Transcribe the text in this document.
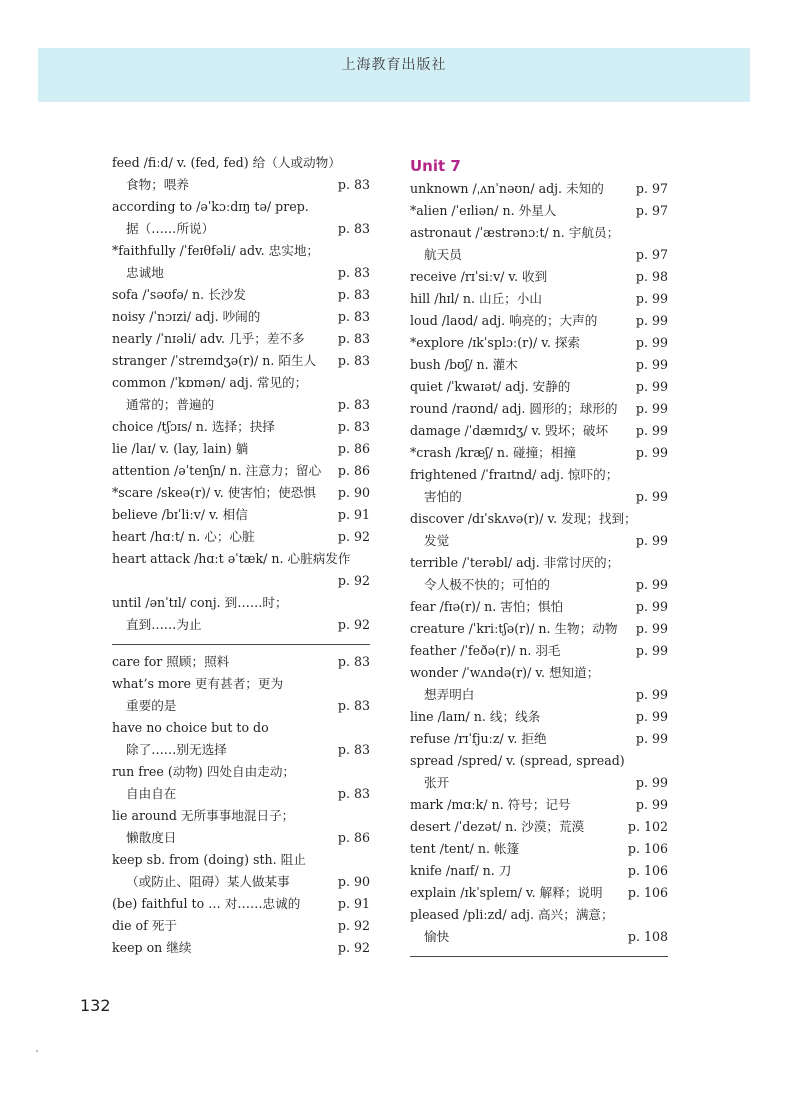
上海教育出版社
feed /fiːd/ v. (fed, fed) 给（人或动物）
食物；喂养	p. 83
according to /əˈkɔːdɪŋ tə/ prep.
据（……所说）	p. 83
*faithfully /ˈfeɪθfəli/ adv. 忠实地；
忠诚地	p. 83
sofa /ˈsəʊfə/ n. 长沙发	p. 83
noisy /ˈnɔɪzi/ adj. 吵闹的	p. 83
nearly /ˈnɪəli/ adv. 几乎；差不多	p. 83
stranger /ˈstreɪndʒə(r)/ n. 陌生人 p. 83
common /ˈkɒmən/ adj. 常见的；
通常的；普遍的	p. 83
choice /tʃɔɪs/ n. 选择；抉择	p. 83
lie /laɪ/ v. (lay, lain) 躺	p. 86
attention /əˈtenʃn/ n. 注意力；留心 p. 86
*scare /skeə(r)/ v. 使害怕；使恐惧 p. 90
believe /bɪˈliːv/ v. 相信	p. 91
heart /hɑːt/ n. 心；心脏	p. 92
heart attack /hɑːt əˈtæk/ n. 心脏病发作
p. 92
until /ənˈtɪl/ conj. 到……时；
直到……为止	p. 92
care for 照顾；照料	p. 83
what’s more 更有甚者；更为
重要的是	p. 83
have no choice but to do
除了……别无选择	p. 83
run free (动物) 四处自由走动；
自由自在	p. 83
lie around 无所事事地混日子；
懒散度日	p. 86
keep sb. from (doing) sth. 阻止
（或防止、阻碍）某人做某事	p. 90
(be) faithful to … 对……忠诚的	p. 91
die of 死于	p. 92
keep on 继续	p. 92
Unit 7
unknown /ˌʌnˈnəʊn/ adj. 未知的	p. 97
*alien /ˈeɪliən/ n. 外星人	p. 97
astronaut /ˈæstrənɔːt/ n. 宇航员；
航天员	p. 97
receive /rɪˈsiːv/ v. 收到	p. 98
hill /hɪl/ n. 山丘；小山	p. 99
loud /laʊd/ adj. 响亮的；大声的	p. 99
*explore /ɪkˈsplɔː(r)/ v. 探索	p. 99
bush /bʊʃ/ n. 灌木	p. 99
quiet /ˈkwaɪət/ adj. 安静的	p. 99
round /raʊnd/ adj. 圆形的；球形的 p. 99
damage /ˈdæmɪdʒ/ v. 毁坏；破坏 p. 99
*crash /kræʃ/ n. 碰撞；相撞	p. 99
frightened /ˈfraɪtnd/ adj. 惊吓的；
害怕的	p. 99
discover /dɪˈskʌvə(r)/ v. 发现；找到；
发觉	p. 99
terrible /ˈterəbl/ adj. 非常讨厌的；
令人极不快的；可怕的	p. 99
fear /fɪə(r)/ n. 害怕；惧怕	p. 99
creature /ˈkriːtʃə(r)/ n. 生物；动物 p. 99
feather /ˈfeðə(r)/ n. 羽毛	p. 99
wonder /ˈwʌndə(r)/ v. 想知道；
想弄明白	p. 99
line /laɪn/ n. 线；线条	p. 99
refuse /rɪˈfjuːz/ v. 拒绝	p. 99
spread /spred/ v. (spread, spread)
张开	p. 99
mark /mɑːk/ n. 符号；记号	p. 99
desert /ˈdezət/ n. 沙漠；荒漠	p. 102
tent /tent/ n. 帐篷	p. 106
knife /naɪf/ n. 刀	p. 106
explain /ɪkˈspleɪn/ v. 解释；说明 p. 106
pleased /pliːzd/ adj. 高兴；满意；
愉快	p. 108
132
